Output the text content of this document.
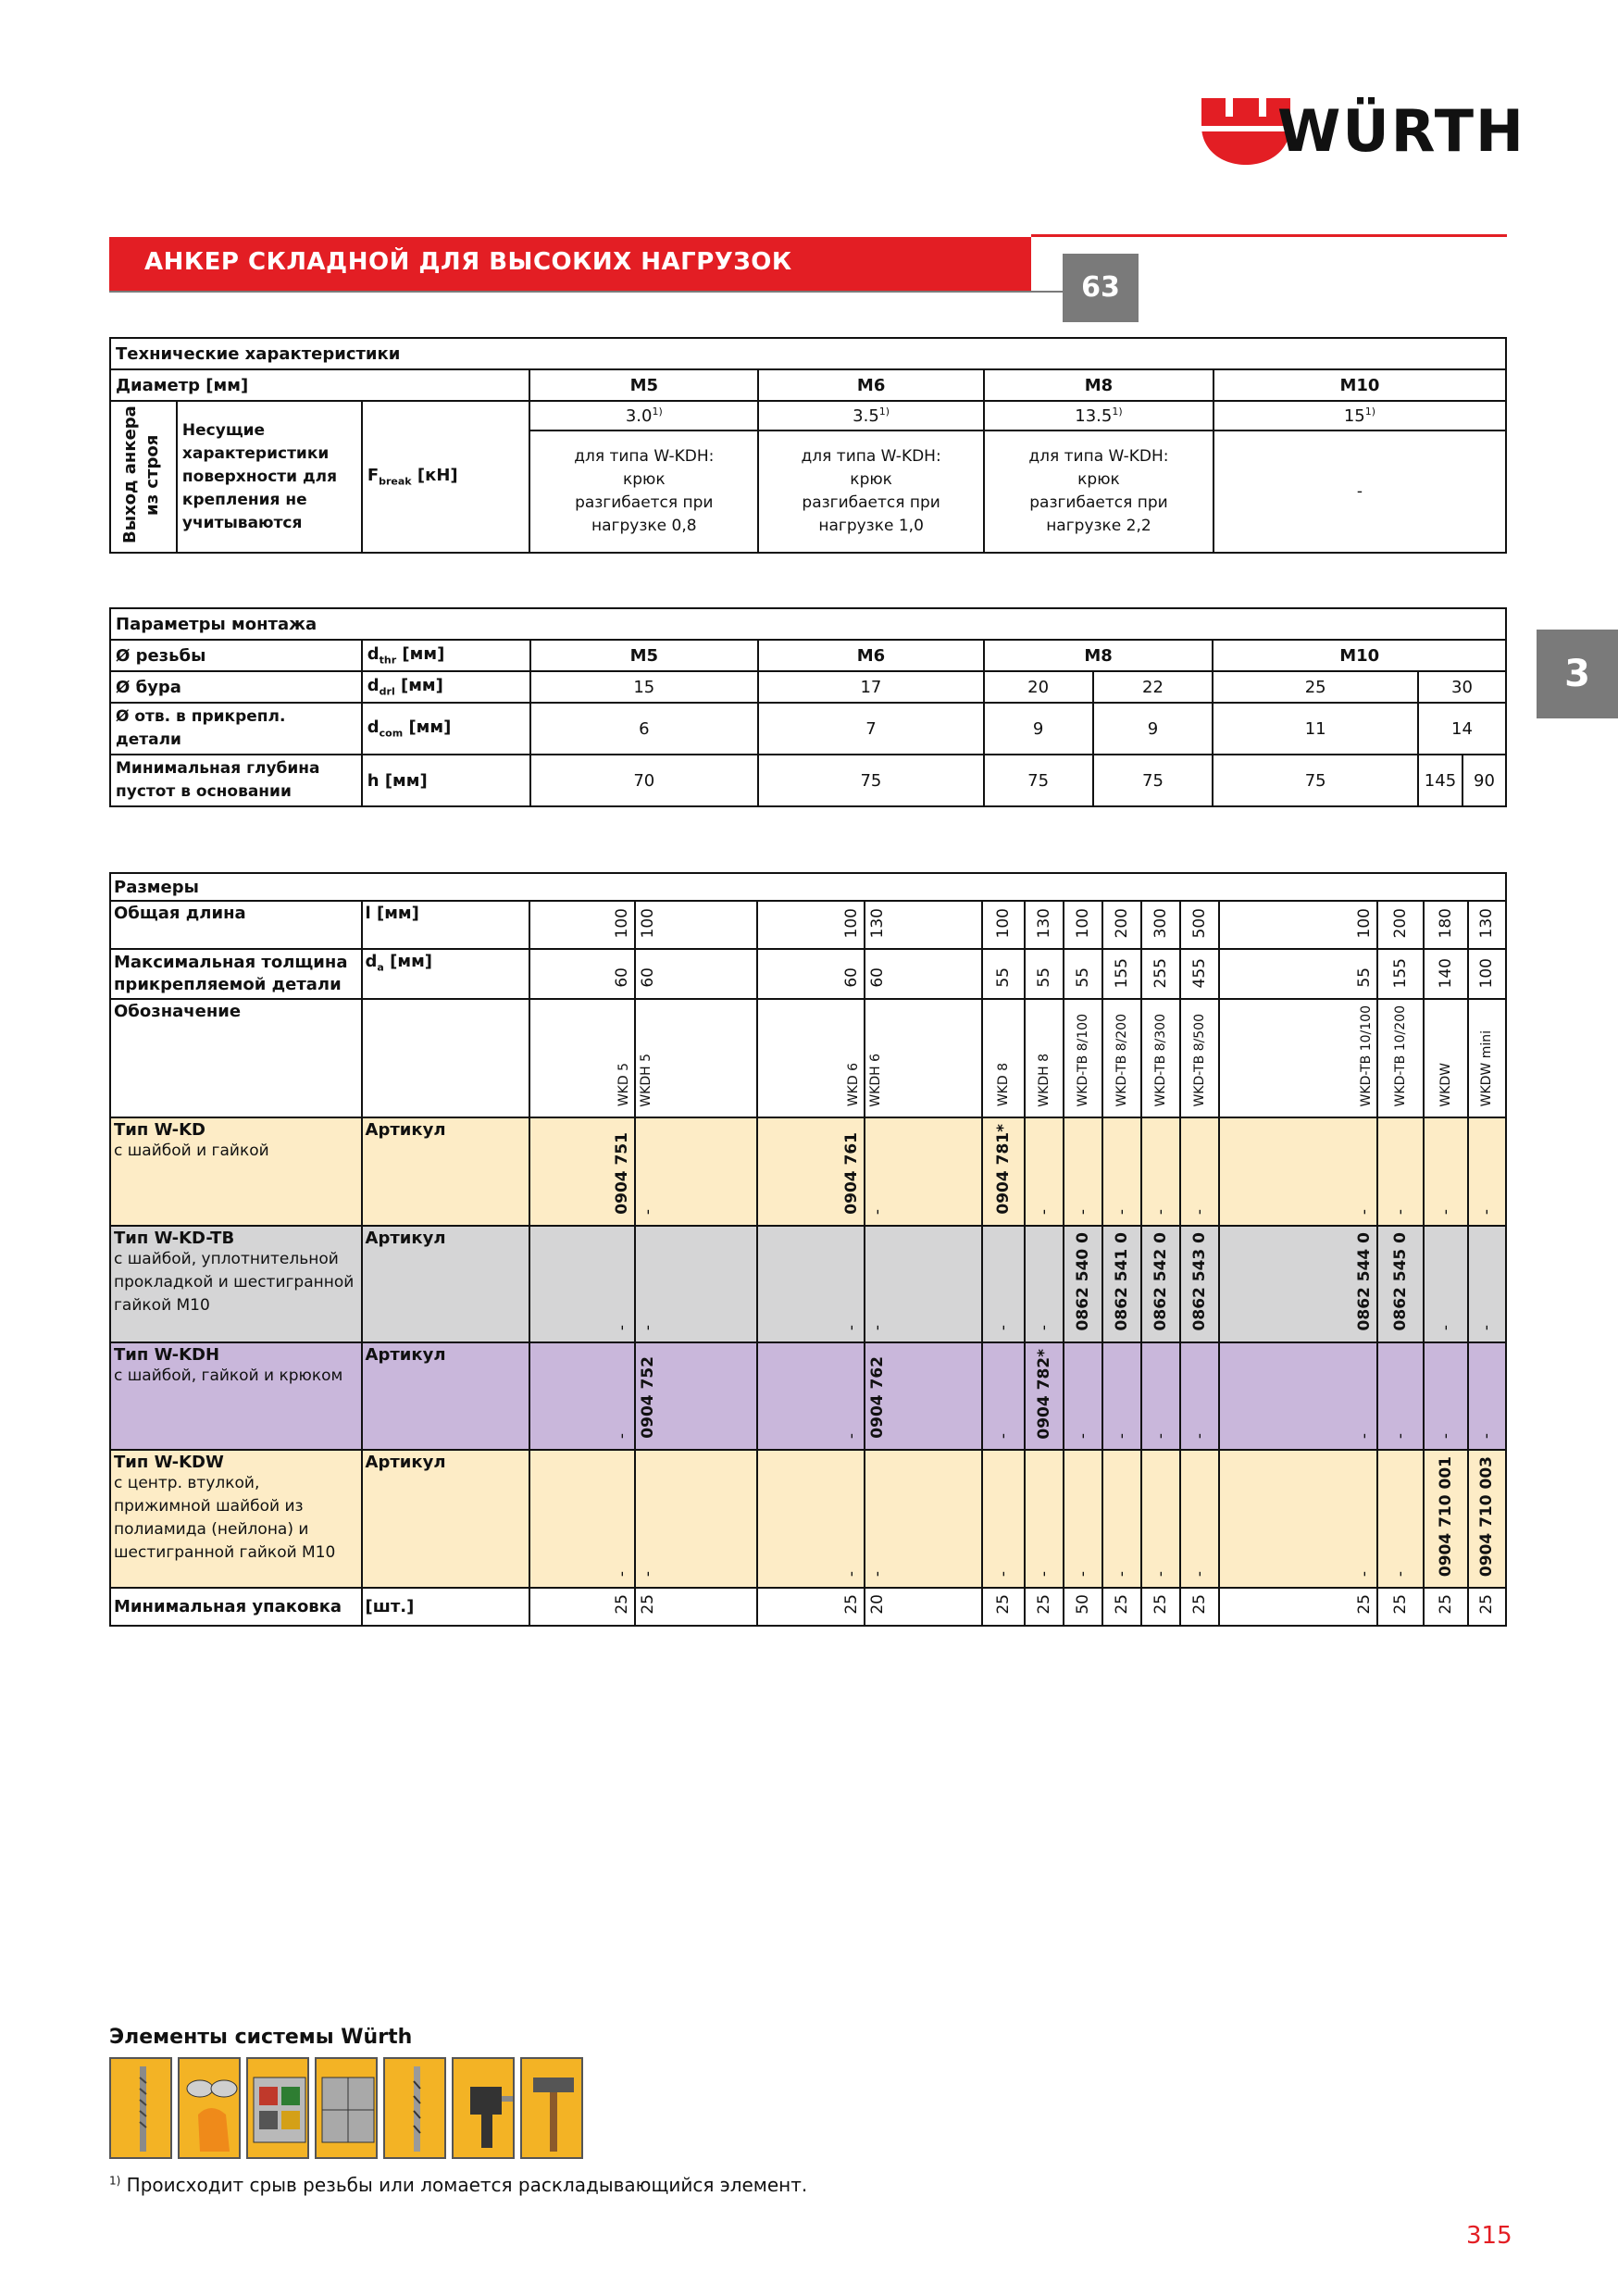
WÜRTH
АНКЕР СКЛАДНОЙ ДЛЯ ВЫСОКИХ НАГРУЗОК
63
3
Технические характеристики						
Диаметр [мм]			M5	M6	M8	M10
Выход анкера из строя	Несущие характеристики поверхности для крепления не учитываются	$F_{break}$ [кН]	3.0$^{1)}$	3.5$^{1)}$	13.5$^{1)}$	15$^{1)}$
			для типа W-KDH: крюк разгибается при нагрузке 0,8	для типа W-KDH: крюк разгибается при нагрузке 1,0	для типа W-KDH: крюк разгибается при нагрузке 2,2	-
Параметры монтажа								
Ø резьбы	$d_{thr}$ [мм]	M5	M6	M8		M10		
Ø бура	$d_{drl}$ [мм]	15	17	20	22	25	30	
Ø отв. в прикрепл. детали	$d_{com}$ [мм]	6	7	9	9	11	14	
Минимальная глубина пустот в основании	h [мм]	70	75	75	75	75	145	90
Размеры															
Общая длина	l [мм]	100	100	100	130	100	130	100	200	300	500	100	200	180	130
Максимальная толщина прикрепляемой детали	$d_a$ [мм]	60	60	60	60	55	55	55	155	255	455	55	155	140	100
Обозначение		WKD 5	WKDH 5	WKD 6	WKDH 6	WKD 8	WKDH 8	WKD-TB 8/100	WKD-TB 8/200	WKD-TB 8/300	WKD-TB 8/500	WKD-TB 10/100	WKD-TB 10/200	WKDW	WKDW mini
Тип W-KD
с шайбой и гайкой	Артикул	0904 751	-	0904 761	-	0904 781*	-	-	-	-	-	-	-	-	-
Тип W-KD-TB
с шайбой, уплотнительной прокладкой и шестигранной гайкой M10	Артикул	-	-	-	-	-	-	0862 540 0	0862 541 0	0862 542 0	0862 543 0	0862 544 0	0862 545 0	-	-
Тип W-KDH
с шайбой, гайкой и крюком	Артикул	-	0904 752	-	0904 762	-	0904 782*	-	-	-	-	-	-	-	-
Тип W-KDW
с центр. втулкой, прижимной шайбой из полиамида (нейлона) и шестигранной гайкой M10	Артикул	-	-	-	-	-	-	-	-	-	-	-	-	0904 710 001	0904 710 003
Минимальная упаковка	[шт.]	25	25	25	20	25	25	50	25	25	25	25	25	25	25
Элементы системы Würth
$^{1)}$ Происходит срыв резьбы или ломается раскладывающийся элемент.
315
